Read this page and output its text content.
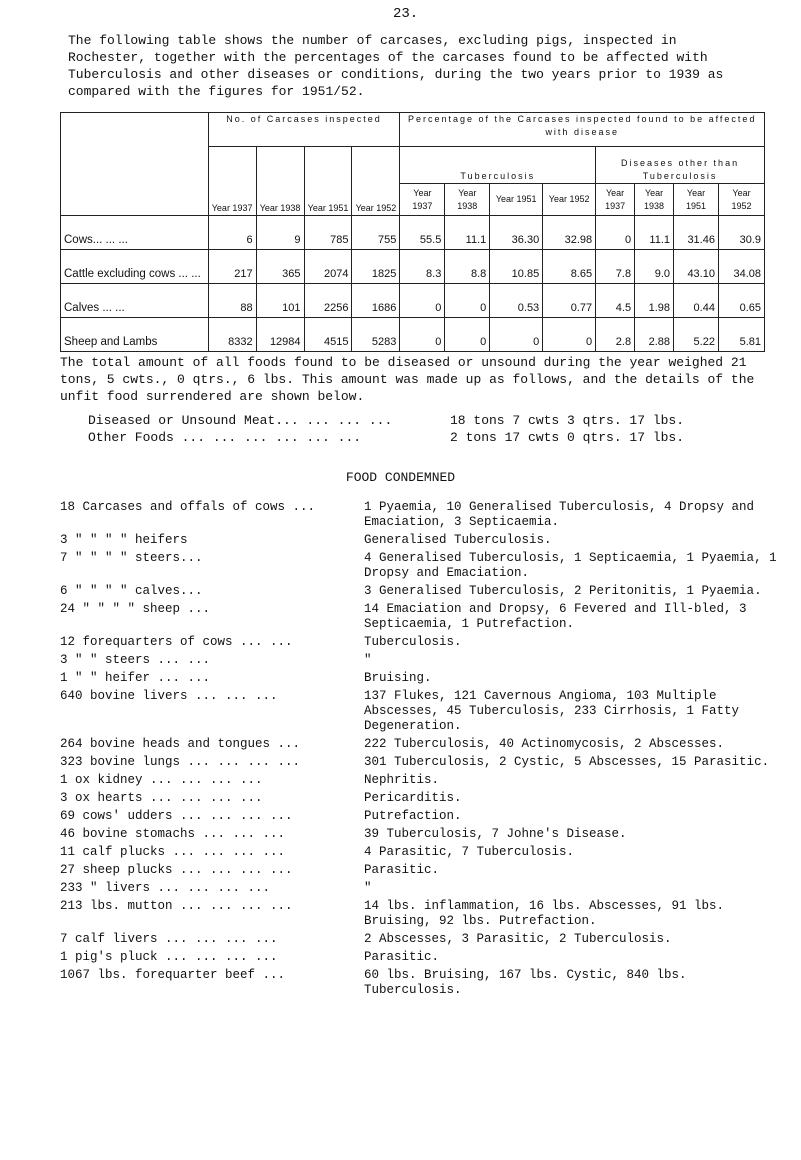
23.
The following table shows the number of carcases, excluding pigs, inspected in Rochester, together with the percentages of the carcases found to be affected with Tuberculosis and other diseases or conditions, during the two years prior to 1939 as compared with the figures for 1951/52.
	No. of Carcases inspected				Percentage of the Carcases inspected found to be affected with disease							
	Year 1937	Year 1938	Year 1951	Year 1952	Tuberculosis				Diseases other than Tuberculosis			
					Year 1937	Year 1938	Year 1951	Year 1952	Year 1937	Year 1938	Year 1951	Year 1952
Cows... ... ...	6	9	785	755	55.5	11.1	36.30	32.98	0	11.1	31.46	30.9
Cattle excluding cows ... ...	217	365	2074	1825	8.3	8.8	10.85	8.65	7.8	9.0	43.10	34.08
Calves ... ...	88	101	2256	1686	0	0	0.53	0.77	4.5	1.98	0.44	0.65
Sheep and Lambs	8332	12984	4515	5283	0	0	0	0	2.8	2.88	5.22	5.81
The total amount of all foods found to be diseased or unsound during the year weighed 21 tons, 5 cwts., 0 qtrs., 6 lbs. This amount was made up as follows, and the details of the unfit food surrendered are shown below.
Diseased or Unsound Meat... ... ... ...	18 tons 7 cwts 3 qtrs. 17 lbs.
Other Foods ... ... ... ... ... ...	2 tons 17 cwts 0 qtrs. 17 lbs.
FOOD CONDEMNED
18 Carcases and offals of cows ...	1 Pyaemia, 10 Generalised Tuberculosis, 4 Dropsy and Emaciation, 3 Septicaemia.
3 " " " " heifers	Generalised Tuberculosis.
7 " " " " steers...	4 Generalised Tuberculosis, 1 Septicaemia, 1 Pyaemia, 1 Dropsy and Emaciation.
6 " " " " calves...	3 Generalised Tuberculosis, 2 Peritonitis, 1 Pyaemia.
24 " " " " sheep ...	14 Emaciation and Dropsy, 6 Fevered and Ill-bled, 3 Septicaemia, 1 Putrefaction.
12 forequarters of cows ... ...	Tuberculosis.
3 " " steers ... ...	"
1 " " heifer ... ...	Bruising.
640 bovine livers ... ... ...	137 Flukes, 121 Cavernous Angioma, 103 Multiple Abscesses, 45 Tuberculosis, 233 Cirrhosis, 1 Fatty Degeneration.
264 bovine heads and tongues ...	222 Tuberculosis, 40 Actinomycosis, 2 Abscesses.
323 bovine lungs ... ... ... ...	301 Tuberculosis, 2 Cystic, 5 Abscesses, 15 Parasitic.
1 ox kidney ... ... ... ...	Nephritis.
3 ox hearts ... ... ... ...	Pericarditis.
69 cows' udders ... ... ... ...	Putrefaction.
46 bovine stomachs ... ... ...	39 Tuberculosis, 7 Johne's Disease.
11 calf plucks ... ... ... ...	4 Parasitic, 7 Tuberculosis.
27 sheep plucks ... ... ... ...	Parasitic.
233 " livers ... ... ... ...	"
213 lbs. mutton ... ... ... ...	14 lbs. inflammation, 16 lbs. Abscesses, 91 lbs. Bruising, 92 lbs. Putrefaction.
7 calf livers ... ... ... ...	2 Abscesses, 3 Parasitic, 2 Tuberculosis.
1 pig's pluck ... ... ... ...	Parasitic.
1067 lbs. forequarter beef ...	60 lbs. Bruising, 167 lbs. Cystic, 840 lbs. Tuberculosis.
